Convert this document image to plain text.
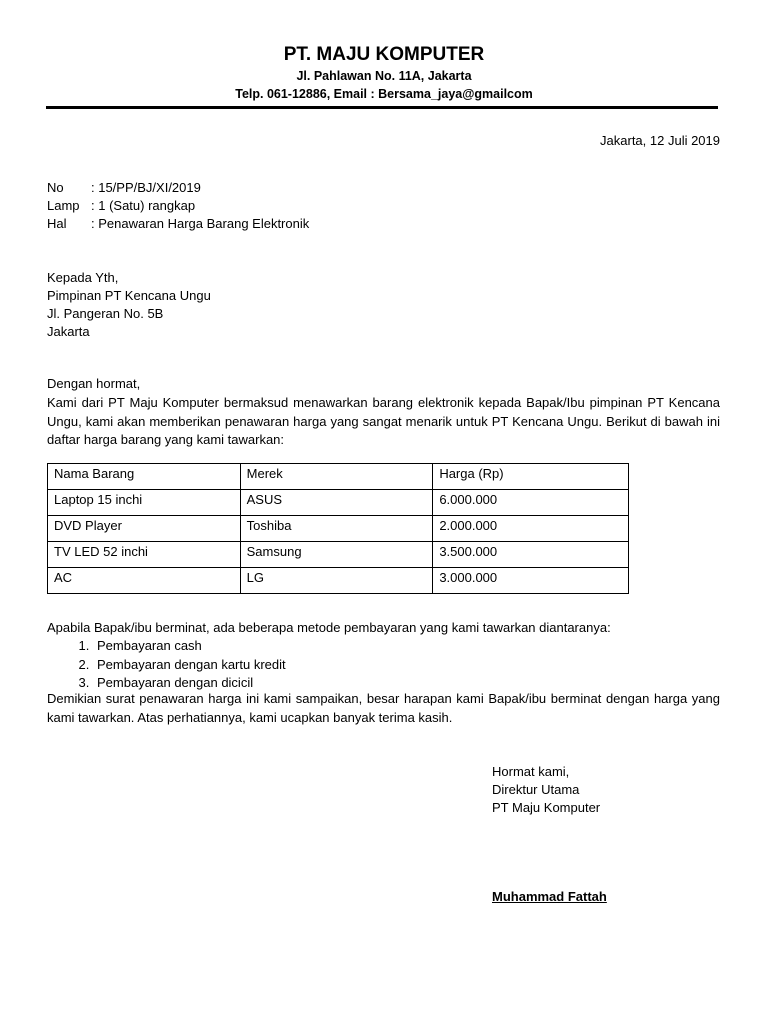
PT. MAJU KOMPUTER
Jl. Pahlawan No. 11A, Jakarta
Telp. 061-12886, Email : Bersama_jaya@gmailcom
Jakarta, 12 Juli 2019
No : 15/PP/BJ/XI/2019
Lamp : 1 (Satu) rangkap
Hal : Penawaran Harga Barang Elektronik
Kepada Yth,
Pimpinan PT Kencana Ungu
Jl. Pangeran No. 5B
Jakarta
Dengan hormat,
Kami dari PT Maju Komputer bermaksud menawarkan barang elektronik kepada Bapak/Ibu pimpinan PT Kencana Ungu, kami akan memberikan penawaran harga yang sangat menarik untuk PT Kencana Ungu. Berikut di bawah ini daftar harga barang yang kami tawarkan:
Nama Barang	Merek	Harga (Rp)
Laptop 15 inchi	ASUS	6.000.000
DVD Player	Toshiba	2.000.000
TV LED 52 inchi	Samsung	3.500.000
AC	LG	3.000.000
Apabila Bapak/ibu berminat, ada beberapa metode pembayaran yang kami tawarkan diantaranya:
1. Pembayaran cash
2. Pembayaran dengan kartu kredit
3. Pembayaran dengan dicicil
Demikian surat penawaran harga ini kami sampaikan, besar harapan kami Bapak/ibu berminat dengan harga yang kami tawarkan. Atas perhatiannya, kami ucapkan banyak terima kasih.
Hormat kami,
Direktur Utama
PT Maju Komputer
Muhammad Fattah
